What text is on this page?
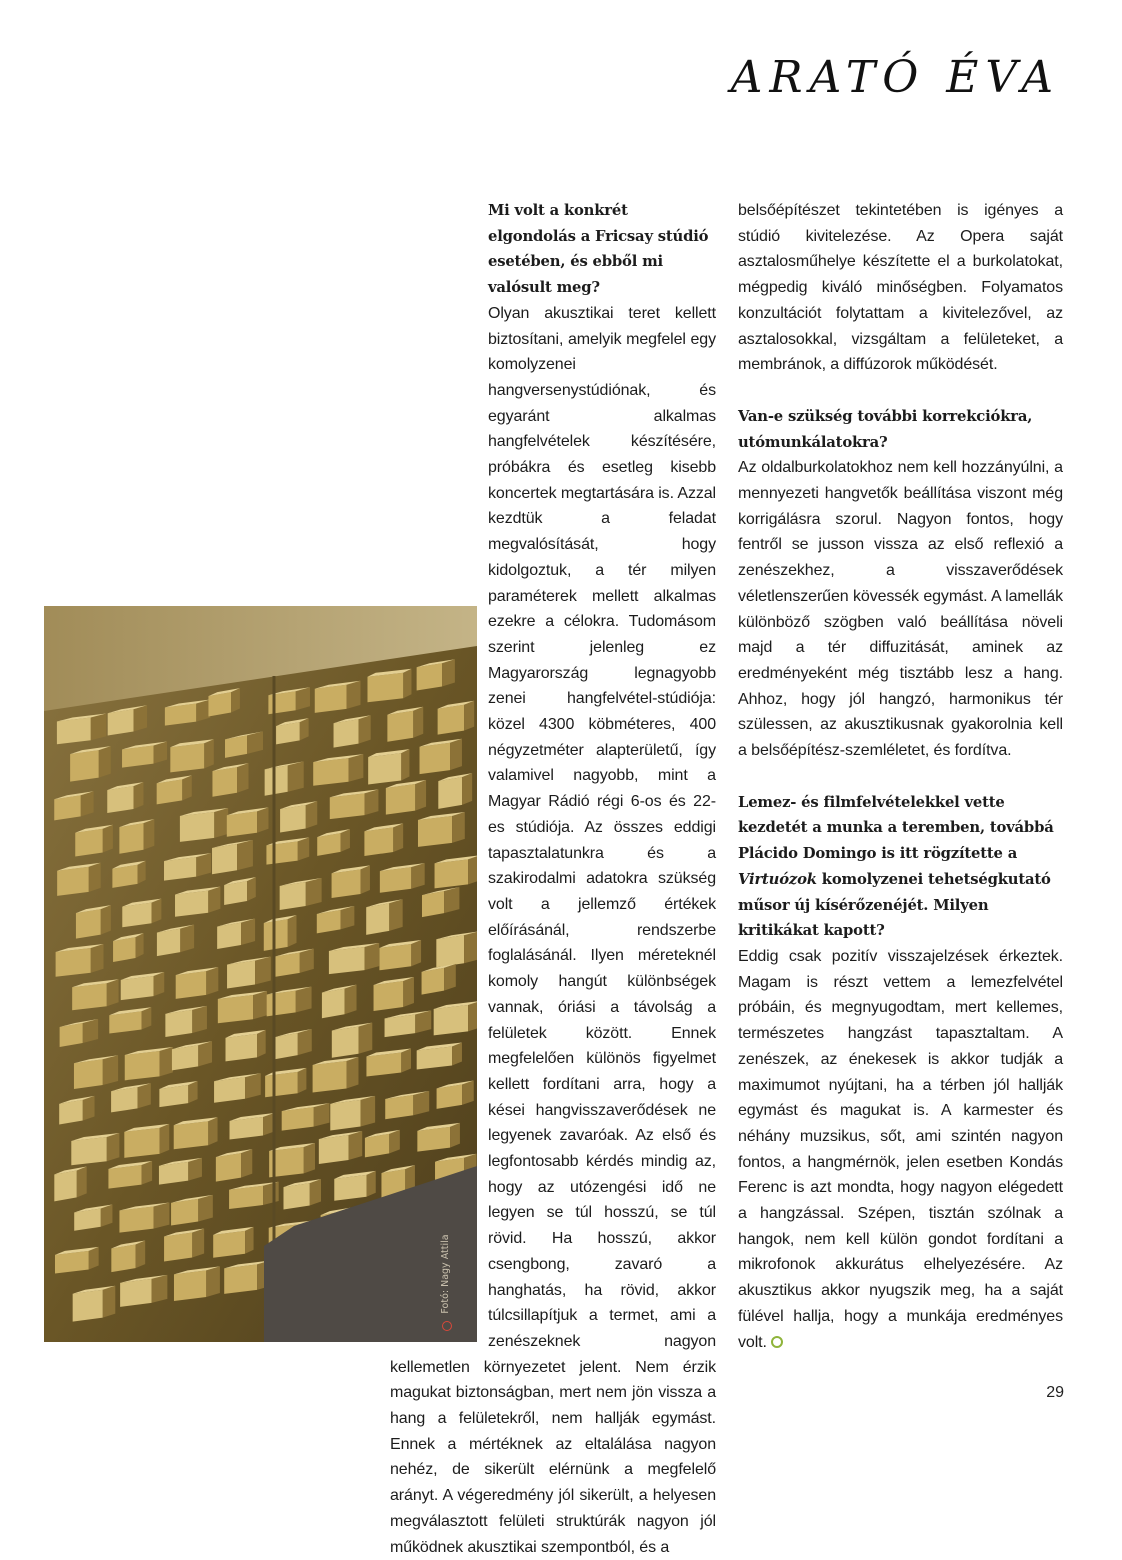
ARATÓ ÉVA
Fotó: Nagy Attila
Mi volt a konkrét elgondolás a Fricsay stúdió esetében, és ebből mi valósult meg?
Olyan akusztikai teret kellett biztosítani, amelyik megfelel egy komolyzenei hangversenystúdiónak, és egyaránt alkalmas hangfelvételek készítésére, próbákra és esetleg kisebb koncertek megtartására is. Azzal kezdtük a feladat megvalósítását, hogy kidolgoztuk, a tér milyen paraméterek mellett alkalmas ezekre a célokra. Tudomásom szerint jelenleg ez Magyarország legnagyobb zenei hangfelvétel-stúdiója: közel 4300 köbméteres, 400 négyzetméter alapterületű, így valamivel nagyobb, mint a Magyar Rádió régi 6-os és 22-es stúdiója. Az összes eddigi tapasztalatunkra és a szakirodalmi adatokra szükség volt a jellemző értékek előírásánál, rendszerbe foglalásánál. Ilyen méreteknél komoly hangút különbségek vannak, óriási a távolság a felületek között. Ennek megfelelően különös figyelmet kellett fordítani arra, hogy a kései hangvisszaverődések ne legyenek zavaróak. Az első és legfontosabb kérdés mindig az, hogy az utózengési idő ne legyen se túl hosszú, se túl rövid. Ha hosszú, akkor csengbong, zavaró a hanghatás, ha rövid, akkor túlcsillapítjuk a termet, ami a zenészeknek nagyon kellemetlen környezetet jelent. Nem érzik magukat biztonságban, mert nem jön vissza a hang a felületekről, nem hallják egymást. Ennek a mértéknek az eltalálása nagyon nehéz, de sikerült elérnünk a megfelelő arányt. A végeredmény jól sikerült, a helyesen megválasztott felületi struktúrák nagyon jól működnek akusztikai szempontból, és a
belsőépítészet tekintetében is igényes a stúdió kivitelezése. Az Opera saját asztalosműhelye készítette el a burkolatokat, mégpedig kiváló minőségben. Folyamatos konzultációt folytattam a kivitelezővel, az asztalosokkal, vizsgáltam a felületeket, a membránok, a diffúzorok működését.
Van-e szükség további korrekciókra, utómunkálatokra?
Az oldalburkolatokhoz nem kell hozzányúlni, a mennyezeti hangvetők beállítása viszont még korrigálásra szorul. Nagyon fontos, hogy fentről se jusson vissza az első reflexió a zenészekhez, a visszaverődések véletlenszerűen kövessék egymást. A lamellák különböző szögben való beállítása növeli majd a tér diffuzitását, aminek az eredményeként még tisztább lesz a hang. Ahhoz, hogy jól hangzó, harmonikus tér szülessen, az akusztikusnak gyakorolnia kell a belsőépítész-szemléletet, és fordítva.
Lemez- és filmfelvételekkel vette kezdetét a munka a teremben, továbbá Plácido Domingo is itt rögzítette a Virtuózok komolyzenei tehetségkutató műsor új kísérőzenéjét. Milyen kritikákat kapott?
Eddig csak pozitív visszajelzések érkeztek. Magam is részt vettem a lemezfelvétel próbáin, és megnyugodtam, mert kellemes, természetes hangzást tapasztaltam. A zenészek, az énekesek is akkor tudják a maximumot nyújtani, ha a térben jól hallják egymást és magukat is. A karmester és néhány muzsikus, sőt, ami szintén nagyon fontos, a hangmérnök, jelen esetben Kondás Ferenc is azt mondta, hogy nagyon elégedett a hangzással. Szépen, tisztán szólnak a hangok, nem kell külön gondot fordítani a mikrofonok akkurátus elhelyezésére. Az akusztikus akkor nyugszik meg, ha a saját fülével hallja, hogy a munkája eredményes volt.
29
